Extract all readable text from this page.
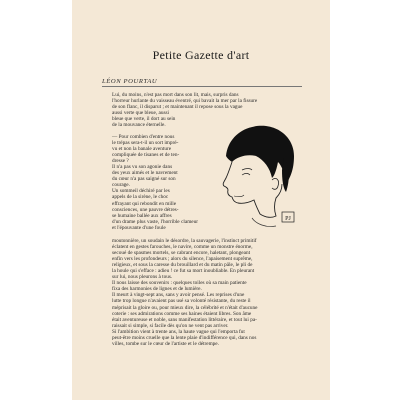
Petite Gazette d'art
LÉON POURTAU
Lui, du moins, n'est pas mort dans son lit, mais, surpris dans
l'horreur hurlante du vaisseau éventré, qui bavait la mer par la fissure
de son flanc, il disparut ; et maintenant il repose sous la vague
aussi verte que bleue, aussi
bleue que verte, il dort au sein
de la mouvance éternelle.
— Pour combien d'entre nous
le trépas sera-t-il un sort impré-
vu et non la banale aventure
compliquée de tisanes et de ten-
dresse ?
Il n'a pas vu son agonie dans
des yeux aimés et le navrement
du cœur n'a pas saigné sur son
courage.
Un sommeil déchiré par les
appels de la sirène, le choc
effrayant qui rebondit en mille
consciences, une pauvre détres-
se humaine ballée aux affres
d'un drame plus vaste, l'horrible clameur et l'épouvante d'une foule
moutonnière, un soudain le désordre, la sauvagerie, l'instinct primitif
éclatent en gestes farouches, le navire, comme un monstre énorme,
secoué de spasmes mortels, se cabrant encore, haletant, plongeant
enfin vers les profondeurs ; alors du silence, l'apaisement suprême,
religieux, et sous la caresse du brouillard et du matin pâle, le pli de
la houle qui s'efface : adieu ! ce fut sa mort inoubliable. En pleurant
sur lui, nous pleurons à tous.
Il nous laisse des souvenirs : quelques toiles où sa main patiente
fixa des harmonies de lignes et de lumière.
Il meurt à vingt-sept ans, sans y avoir pensé. Les reprises d'une
lutte trop longue n'avaient pas usé sa volonté résistante, du reste il
méprisait la gloire ou, pour mieux dire, la célébrité et n'était d'aucune
coterie : ses admirations comme ses haines étaient libres. Son âme
était aventureuse et noble, sans manifestation littéraire, et tout lui pa-
raissait si simple, si facile dès qu'on ne vent pas arriver.
Si l'ambition vient à trente ans, la haute vague qui l'emporta fut
peut-être moins cruelle que la lente plaie d'indifférence qui, dans nos
villes, tombe sur le cœur de l'artiste et le détrempe.
PJ
